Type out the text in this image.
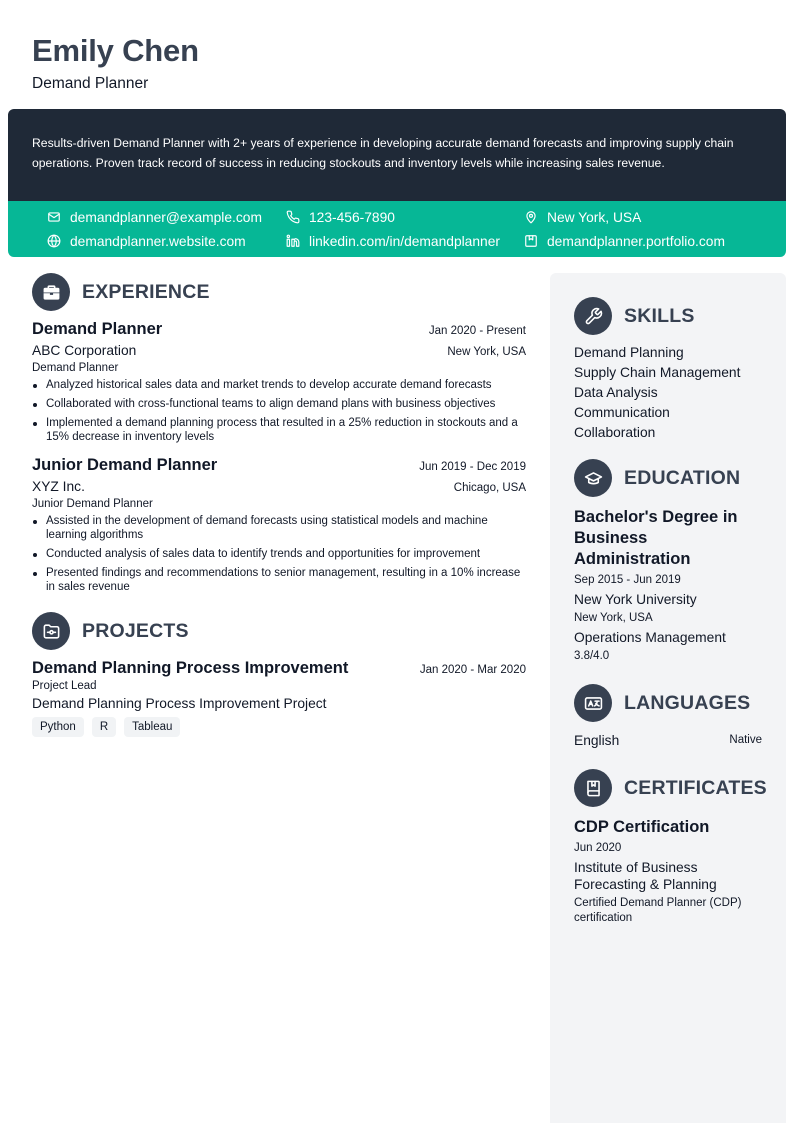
Emily Chen
Demand Planner

Results-driven Demand Planner with 2+ years of experience in developing accurate demand forecasts and improving supply chain operations. Proven track record of success in reducing stockouts and inventory levels while increasing sales revenue.

demandplanner@example.com	123-456-7890	New York, USA
demandplanner.website.com	linkedin.com/in/demandplanner	demandplanner.portfolio.com
EXPERIENCE
Demand Planner	Jan 2020 - Present
ABC Corporation	New York, USA
Demand Planner
Analyzed historical sales data and market trends to develop accurate demand forecasts
Collaborated with cross-functional teams to align demand plans with business objectives
Implemented a demand planning process that resulted in a 25% reduction in stockouts and a 15% decrease in inventory levels
Junior Demand Planner	Jun 2019 - Dec 2019
XYZ Inc.	Chicago, USA
Junior Demand Planner
Assisted in the development of demand forecasts using statistical models and machine learning algorithms
Conducted analysis of sales data to identify trends and opportunities for improvement
Presented findings and recommendations to senior management, resulting in a 10% increase in sales revenue
PROJECTS
Demand Planning Process Improvement	Jan 2020 - Mar 2020
Project Lead
Demand Planning Process Improvement Project
Python	R	Tableau
SKILLS
Demand Planning
Supply Chain Management
Data Analysis
Communication
Collaboration
EDUCATION
Bachelor's Degree in Business Administration
Sep 2015 - Jun 2019
New York University
New York, USA
Operations Management
3.8/4.0
LANGUAGES
English	Native
CERTIFICATES
CDP Certification
Jun 2020
Institute of Business Forecasting & Planning
Certified Demand Planner (CDP) certification
